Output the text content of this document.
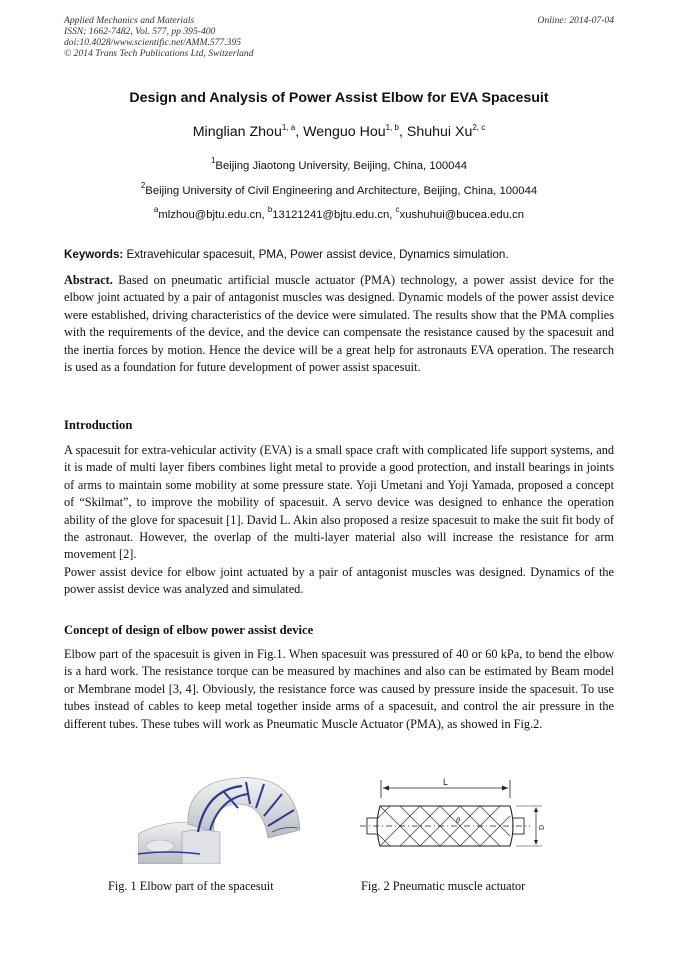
Applied Mechanics and Materials
ISSN: 1662-7482, Vol. 577, pp 395-400
doi:10.4028/www.scientific.net/AMM.577.395
© 2014 Trans Tech Publications Ltd, Switzerland
Online: 2014-07-04
Design and Analysis of Power Assist Elbow for EVA Spacesuit
Minglian Zhou$^{1, a}$, Wenguo Hou$^{1, b}$, Shuhui Xu$^{2, c}$
$^1$Beijing Jiaotong University, Beijing, China, 100044
$^2$Beijing University of Civil Engineering and Architecture, Beijing, China, 100044
$^a$mlzhou@bjtu.edu.cn, $^b$13121241@bjtu.edu.cn, $^c$xushuhui@bucea.edu.cn
Keywords: Extravehicular spacesuit, PMA, Power assist device, Dynamics simulation.

Abstract. Based on pneumatic artificial muscle actuator (PMA) technology, a power assist device for the elbow joint actuated by a pair of antagonist muscles was designed. Dynamic models of the power assist device were established, driving characteristics of the device were simulated. The results show that the PMA complies with the requirements of the device, and the device can compensate the resistance caused by the spacesuit and the inertia forces by motion. Hence the device will be a great help for astronauts EVA operation. The research is used as a foundation for future development of power assist spacesuit.

Introduction

A spacesuit for extra-vehicular activity (EVA) is a small space craft with complicated life support systems, and it is made of multi layer fibers combines light metal to provide a good protection, and install bearings in joints of arms to maintain some mobility at some pressure state. Yoji Umetani and Yoji Yamada, proposed a concept of “Skilmat”, to improve the mobility of spacesuit. A servo device was designed to enhance the operation ability of the glove for spacesuit [1]. David L. Akin also proposed a resize spacesuit to make the suit fit body of the astronaut. However, the overlap of the multi-layer material also will increase the resistance for arm movement [2].

Power assist device for elbow joint actuated by a pair of antagonist muscles was designed. Dynamics of the power assist device was analyzed and simulated.

Concept of design of elbow power assist device

Elbow part of the spacesuit is given in Fig.1. When spacesuit was pressured of 40 or 60 kPa, to bend the elbow is a hard work. The resistance torque can be measured by machines and also can be estimated by Beam model or Membrane model [3, 4]. Obviously, the resistance force was caused by pressure inside the spacesuit. To use tubes instead of cables to keep metal together inside arms of a spacesuit, and control the air pressure in the different tubes. These tubes will work as Pneumatic Muscle Actuator (PMA), as showed in Fig.2.

L
θ
D
Fig. 1 Elbow part of the spacesuit	Fig. 2 Pneumatic muscle actuator
